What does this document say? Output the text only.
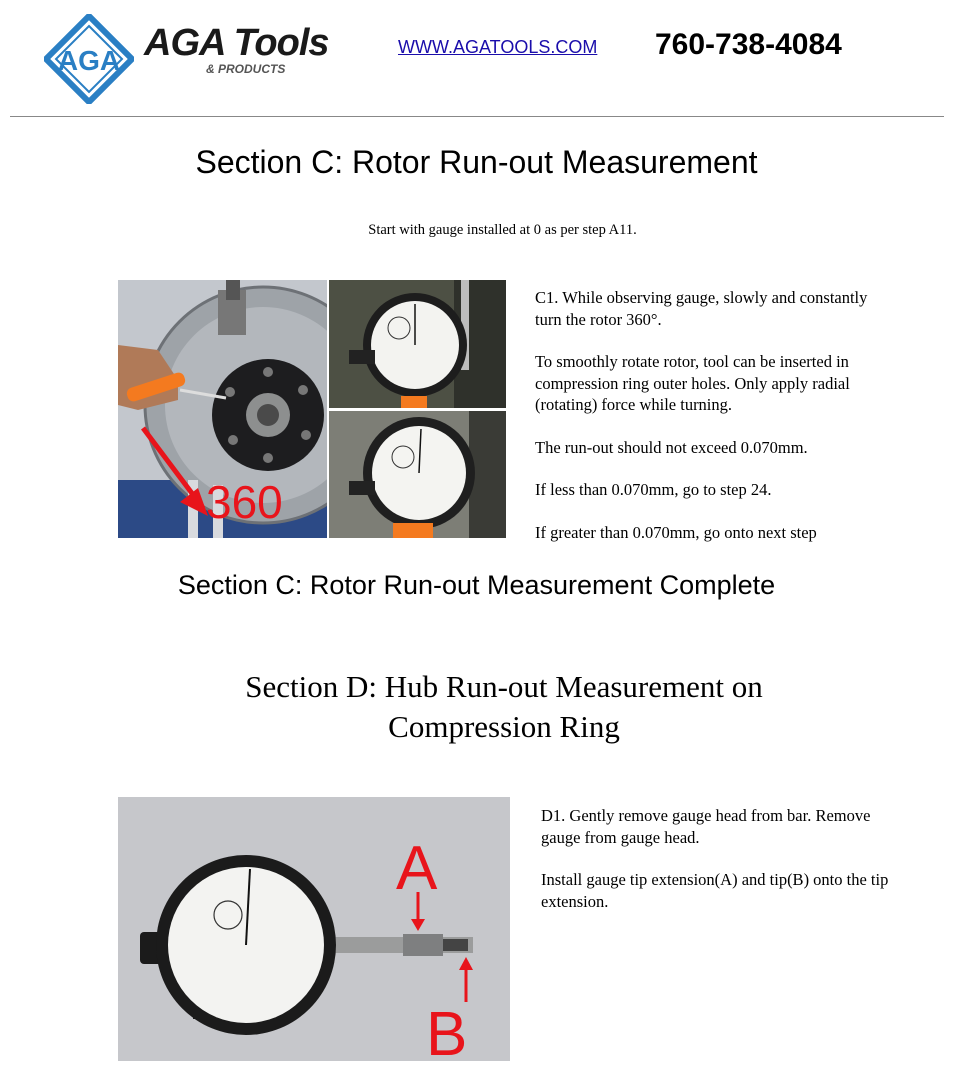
AGA AGA Tools
& PRODUCTS
WWW.AGATOOLS.COM 760-738-4084
Section C: Rotor Run-out Measurement
Start with gauge installed at 0 as per step A11.
360

C1. While observing gauge, slowly and constantly turn the rotor 360°.

To smoothly rotate rotor, tool can be inserted in compression ring outer holes. Only apply radial (rotating) force while turning.

The run-out should not exceed 0.070mm.

If less than 0.070mm, go to step 24.

If greater than 0.070mm, go onto next step

Section C: Rotor Run-out Measurement Complete
Section D: Hub Run-out Measurement on
Compression Ring
A
B

D1. Gently remove gauge head from bar. Remove gauge from gauge head.

Install gauge tip extension(A) and tip(B) onto the tip extension.
